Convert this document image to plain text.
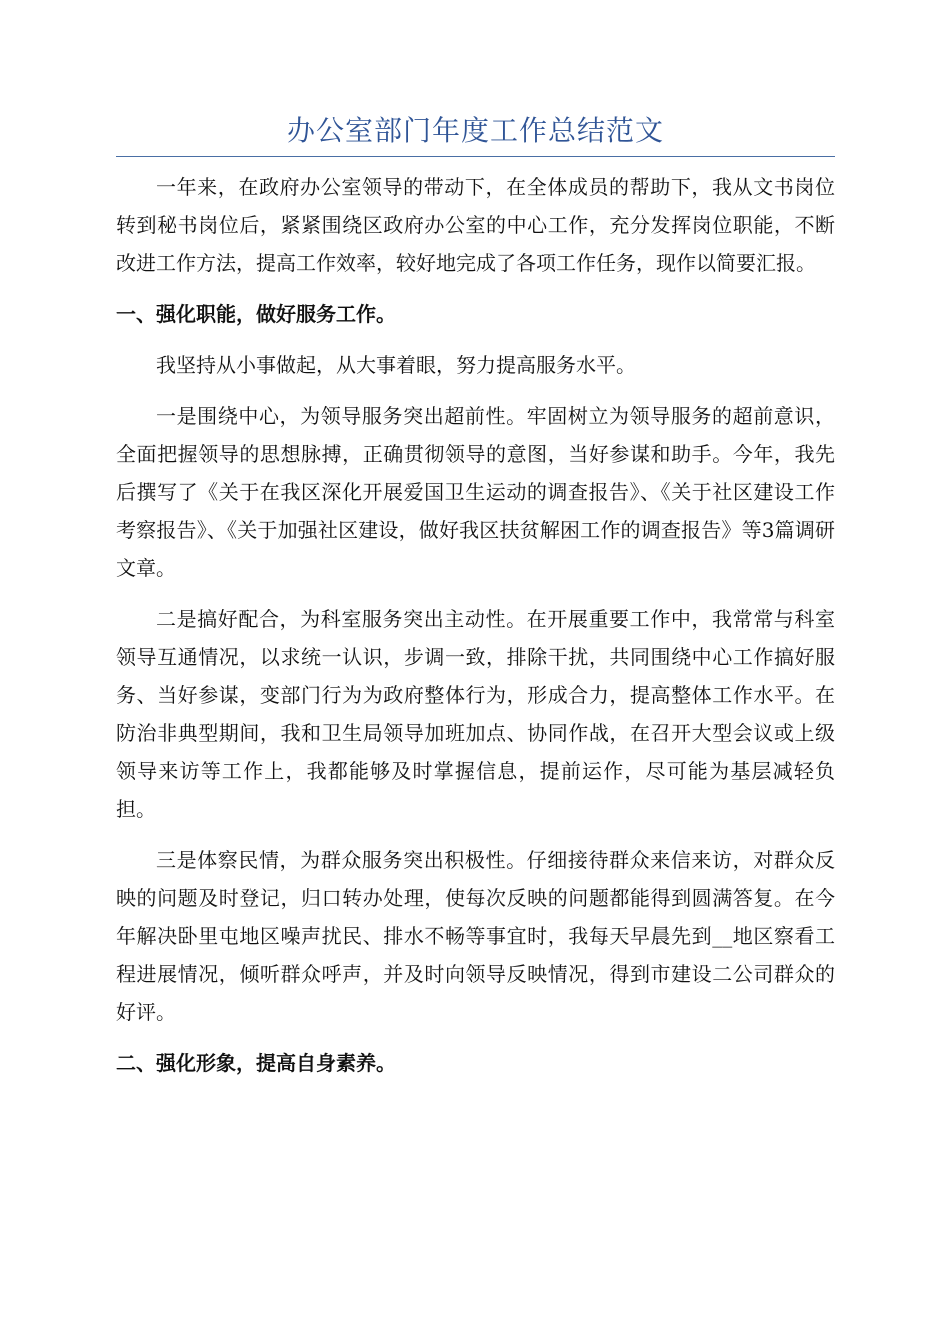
办公室部门年度工作总结范文

一年来，在政府办公室领导的带动下，在全体成员的帮助下，我从文书岗位转到秘书岗位后，紧紧围绕区政府办公室的中心工作，充分发挥岗位职能，不断改进工作方法，提高工作效率，较好地完成了各项工作任务，现作以简要汇报。

一、强化职能，做好服务工作。

我坚持从小事做起，从大事着眼，努力提高服务水平。

一是围绕中心，为领导服务突出超前性。牢固树立为领导服务的超前意识，全面把握领导的思想脉搏，正确贯彻领导的意图，当好参谋和助手。今年，我先后撰写了《关于在我区深化开展爱国卫生运动的调查报告》、《关于社区建设工作考察报告》、《关于加强社区建设，做好我区扶贫解困工作的调查报告》等3篇调研文章。

二是搞好配合，为科室服务突出主动性。在开展重要工作中，我常常与科室领导互通情况，以求统一认识，步调一致，排除干扰，共同围绕中心工作搞好服务、当好参谋，变部门行为为政府整体行为，形成合力，提高整体工作水平。在防治非典型期间，我和卫生局领导加班加点、协同作战，在召开大型会议或上级领导来访等工作上，我都能够及时掌握信息，提前运作，尽可能为基层减轻负担。

三是体察民情，为群众服务突出积极性。仔细接待群众来信来访，对群众反映的问题及时登记，归口转办处理，使每次反映的问题都能得到圆满答复。在今年解决卧里屯地区噪声扰民、排水不畅等事宜时，我每天早晨先到__地区察看工程进展情况，倾听群众呼声，并及时向领导反映情况，得到市建设二公司群众的好评。

二、强化形象，提高自身素养。
